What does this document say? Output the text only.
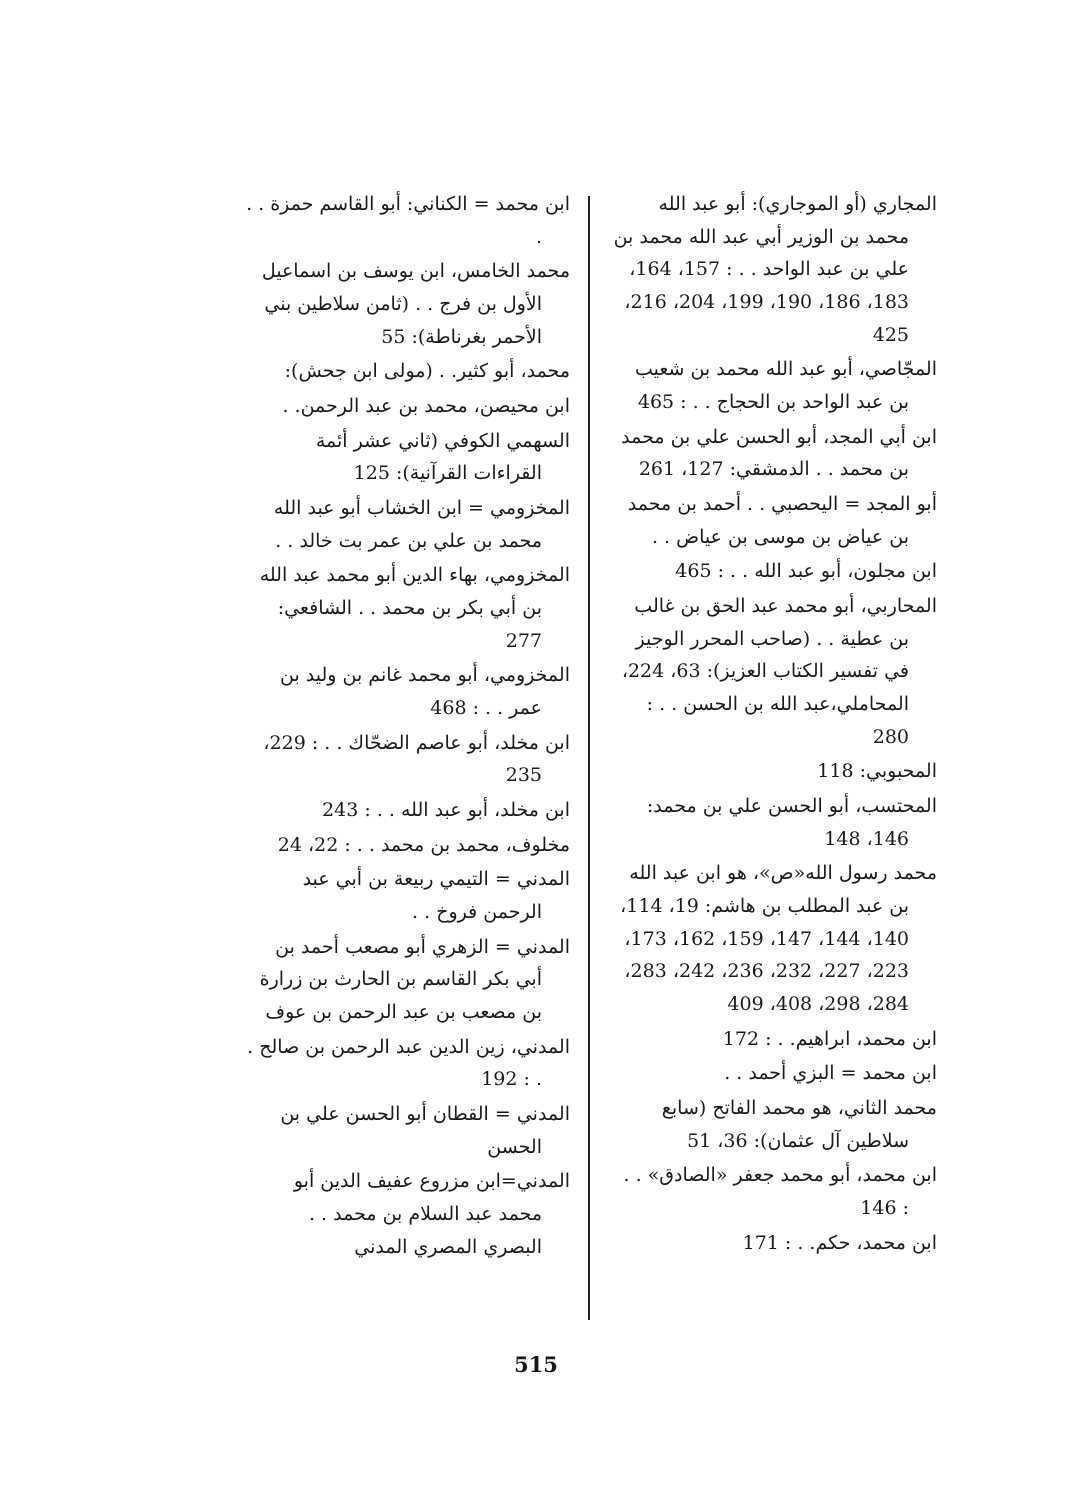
المجاري (أو الموجاري): أبو عبد الله محمد بن الوزير أبي عبد الله محمد بن علي بن عبد الواحد . . : 157، 164، 183، 186، 190، 199، 204، 216، 425
المجّاصي، أبو عبد الله محمد بن شعيب بن عبد الواحد بن الحجاج . . : 465
ابن أبي المجد، أبو الحسن علي بن محمد بن محمد . . الدمشقي: 127، 261
أبو المجد = اليحصبي . . أحمد بن محمد بن عياض بن موسى بن عياض . .
ابن مجلون، أبو عبد الله . . : 465
المحاربي، أبو محمد عبد الحق بن غالب بن عطية . . (صاحب المحرر الوجيز في تفسير الكتاب العزيز): 63، 224، المحاملي،عبد الله بن الحسن . . : 280
المحبوبي: 118
المحتسب، أبو الحسن علي بن محمد: 146، 148
محمد رسول الله«ص»، هو ابن عبد الله بن عبد المطلب بن هاشم: 19، 114، 140، 144، 147، 159، 162، 173، 223، 227، 232، 236، 242، 283، 284، 298، 408، 409
ابن محمد، ابراهيم. . : 172
ابن محمد = البزي أحمد . .
محمد الثاني، هو محمد الفاتح (سابع سلاطين آل عثمان): 36، 51
ابن محمد، أبو محمد جعفر «الصادق» . . : 146
ابن محمد، حكم. . : 171
ابن محمد = الكناني: أبو القاسم حمزة . . .
محمد الخامس، ابن يوسف بن اسماعيل الأول بن فرج . . (ثامن سلاطين بني الأحمر بغرناطة): 55
محمد، أبو كثير. . (مولى ابن جحش):
ابن محيصن، محمد بن عبد الرحمن. .
السهمي الكوفي (ثاني عشر أئمة القراءات القرآنية): 125
المخزومي = ابن الخشاب أبو عبد الله محمد بن علي بن عمر بت خالد . .
المخزومي، بهاء الدين أبو محمد عبد الله بن أبي بكر بن محمد . . الشافعي: 277
المخزومي، أبو محمد غانم بن وليد بن عمر . . : 468
ابن مخلد، أبو عاصم الضحّاك . . : 229، 235
ابن مخلد، أبو عبد الله . . : 243
مخلوف، محمد بن محمد . . : 22، 24
المدني = التيمي ربيعة بن أبي عبد الرحمن فروخ . .
المدني = الزهري أبو مصعب أحمد بن أبي بكر القاسم بن الحارث بن زرارة بن مصعب بن عبد الرحمن بن عوف
المدني، زين الدين عبد الرحمن بن صالح . . : 192
المدني = القطان أبو الحسن علي بن الحسن
المدني=ابن مزروع عفيف الدين أبو محمد عبد السلام بن محمد . . البصري المصري المدني
515
